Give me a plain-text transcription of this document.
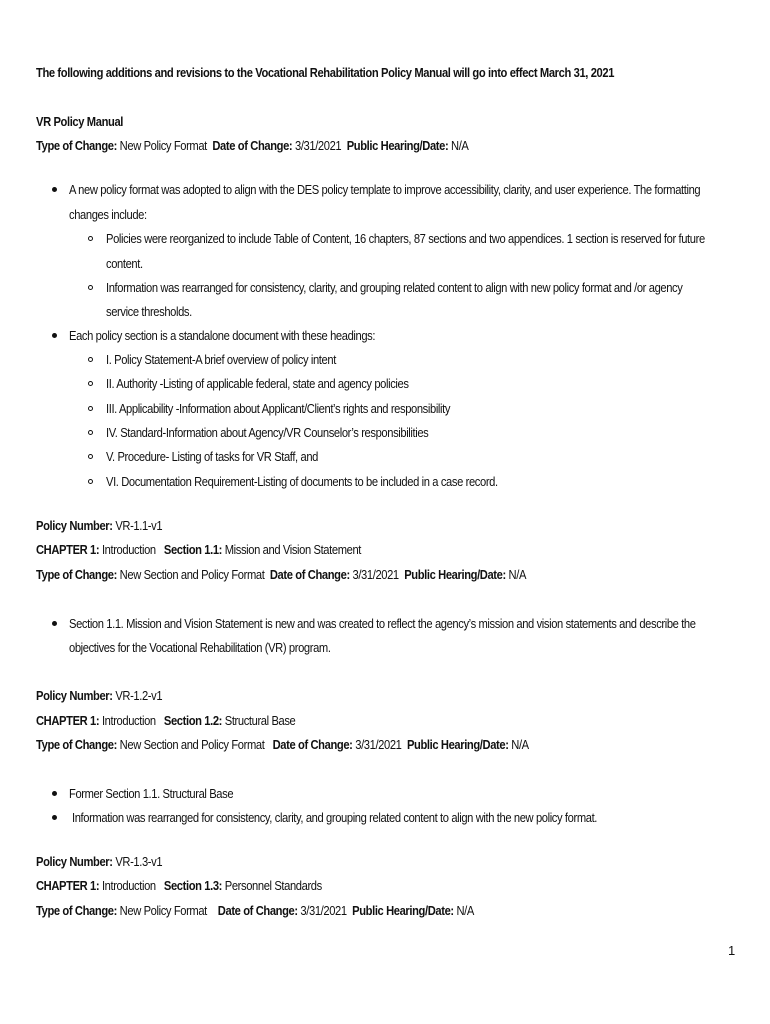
The following additions and revisions to the Vocational Rehabilitation Policy Manual will go into effect March 31, 2021
VR Policy Manual
Type of Change: New Policy Format Date of Change: 3/31/2021 Public Hearing/Date: N/A
A new policy format was adopted to align with the DES policy template to improve accessibility, clarity, and user experience. The formatting
changes include:
Policies were reorganized to include Table of Content, 16 chapters, 87 sections and two appendices. 1 section is reserved for future
content.
Information was rearranged for consistency, clarity, and grouping related content to align with new policy format and /or agency
service thresholds.
Each policy section is a standalone document with these headings:
I. Policy Statement-A brief overview of policy intent
II. Authority -Listing of applicable federal, state and agency policies
III. Applicability -Information about Applicant/Client’s rights and responsibility
IV. Standard-Information about Agency/VR Counselor’s responsibilities
V. Procedure- Listing of tasks for VR Staff, and
VI. Documentation Requirement-Listing of documents to be included in a case record.
Policy Number: VR-1.1-v1
CHAPTER 1: Introduction Section 1.1: Mission and Vision Statement
Type of Change: New Section and Policy Format Date of Change: 3/31/2021 Public Hearing/Date: N/A
Section 1.1. Mission and Vision Statement is new and was created to reflect the agency’s mission and vision statements and describe the
objectives for the Vocational Rehabilitation (VR) program.
Policy Number: VR-1.2-v1
CHAPTER 1: Introduction Section 1.2: Structural Base
Type of Change: New Section and Policy Format Date of Change: 3/31/2021 Public Hearing/Date: N/A
Former Section 1.1. Structural Base
Information was rearranged for consistency, clarity, and grouping related content to align with the new policy format.
Policy Number: VR-1.3-v1
CHAPTER 1: Introduction Section 1.3: Personnel Standards
Type of Change: New Policy Format Date of Change: 3/31/2021 Public Hearing/Date: N/A
1
